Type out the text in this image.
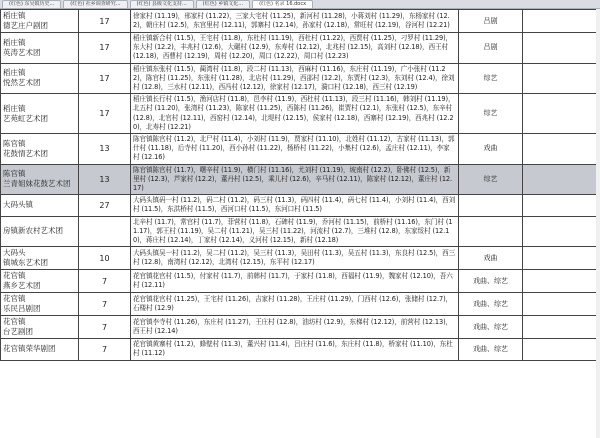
(红色) 东吴镇历史...	(红色) 社乡调查研究...	(红色) 县级文化支持...	(红色) 乡镇文化...	(红色) 名录 16.docx
稻庄镇
德艺庄户剧团	17	徐家村 (11.19)，邢家村 (11.22)，三家大宅村 (11.25)，新河村 (11.28)，小蒋刘村 (11.29)，东杨家村 (12.2)，朝庄村 (12.5)，东宫里村 (12.11)，郭寨村 (12.14)，孙家村 (12.18)，常旺村 (12.19)，谷河村 (12.21)	吕剧	
稻庄镇
英涛艺术团	17	稻庄镇新合村 (11.5)，王宅村 (11.8)，东杜村 (11.19)，西杜村 (11.22)，西贾村 (11.25)，刁罗村 (11.29)，东大村 (12.2)，丰兆村 (12.6)，大碾村 (12.9)，东寿村 (12.12)，北兆村 (12.15)，高刘村 (12.18)，西王村 (12.18)，西曹村 (12.19)，周村 (12.20)，周口 (12.22)，周口村 (12.23)	吕剧	
稻庄镇
悦然艺术团	17	稻庄镇东张村 (11.5)，蔺湾村 (11.8)，段二村 (11.13)，西麻村 (11.16)，东庄村 (11.19)，广小张村 (11.22)，陈官村 (11.25)，东张村 (11.28)，北店村 (11.29)，西邵村 (12.2)，东贾村 (12.3)，东刘村 (12.4)，徐刘村 (12.8)，三水村 (12.11)，西冯村 (12.12)，徐家村 (12.17)，漪口村 (12.18)，西三村 (12.19)	综艺	
稻庄镇
艺苑虹艺术团	17	稻庄镇长行村 (11.5)，渔河店村 (11.8)，邑李村 (11.9)，西杜村 (11.13)，段三村 (11.16)，韩刘村 (11.19)，北五村 (11.20)，张湾村 (11.23)，陈家村 (11.25)，西陈村 (11.26)，崔贾村 (12.1)，东张村 (12.5)，东辛村 (12.8)，北官村 (12.11)，西窑村 (12.14)，北堤村 (12.15)，侯家村 (12.18)，西寨村 (12.19)，西兆村 (12.20)，北寿村 (12.21)	综艺	
陈官镇
花鼓情艺术团	13	陈官镇陈官村 (11.2)，北尸村 (11.4)，小刘村 (11.9)，贾家村 (11.10)，北姓村 (11.12)，古家村 (11.13)，郭什村 (11.18)，后寺村 (11.20)，西小孙村 (11.22)，杨桥村 (11.22)，小集村 (12.6)，孟庄村 (12.11)，李家村 (12.16)	戏曲	
陈官镇
兰青姐妹花鼓艺术团	13	陈官镇陈官村 (11.7)，曙辛村 (11.9)，横门村 (11.16)，尤刘村 (11.19)，坡南村 (12.2)，卧佛村 (12.5)，新里村 (12.3)，芦家村 (12.2)，董丹村 (12.5)，乘儿村 (12.6)，辛马村 (12.11)，陈家村 (12.12)，董庄村 (12.17)	综艺	
大码头镇	27	大码头镇码一村 (11.2)，码二村 (11.2)，码三村 (11.3)，码四村 (11.4)，码七村 (11.4)，小刘村 (11.4)，西刘村 (11.5)，东洪桥村 (11.5)，西河口村 (11.5)，东河口村 (11.5)		
房镇新农村艺术团		北辛村 (11.7)，常官村 (11.7)，菲营村 (11.8)，石碑村 (11.9)，乔河村 (11.15)，前桥村 (11.16)，东门村 (11.17)，郭王村 (11.19)，吴二村 (11.21)，吴三村 (11.22)，河流村 (12.7)，三堆村 (12.8)，东家绥村 (12.10)，蒋庄村 (12.14)，丁家村 (12.14)，义河村 (12.15)，新村 (12.18)		
大码头
镇城东艺术团	10	大码头镇吴一村 (11.2)，吴二村 (11.2)，吴三村 (11.3)，吴田村 (11.3)，吴五村 (11.3)，东良村 (12.5)，西三村 (12.8)，南湾村 (12.12)，北湾村 (12.15)，东平村 (12.17)	戏曲	
花官镇
燕乡艺术团	7	花官镇花官村 (11.5)，付家村 (11.7)，前韩村 (11.7)，于家村 (11.8)，西福村 (11.9)，魏家村 (12.10)，吾六村 (12.11)	戏曲、综艺	
花官镇
乐民吕剧团	7	花官镇花官村 (11.25)，王宅村 (11.26)，吉家村 (11.28)，王庄村 (11.29)，门西村 (12.6)，张储村 (12.7)，石楼村 (12.9)	戏曲、综艺	
花官镇
台艺剧团	7	花官镇李寺村 (11.26)，东庄村 (11.27)，王庄村 (12.8)，油坊村 (12.9)，东梯村 (12.12)，前营村 (12.13)，西王村 (12.14)	戏曲、综艺	
花官镇荣华剧团	7	花官镇黄寨村 (11.2)，蜂壁村 (11.3)，董兴村 (11.4)，吕庄村 (11.6)，东庄村 (11.8)，桥家村 (11.10)，东杜村 (11.12)	戏曲、综艺	
